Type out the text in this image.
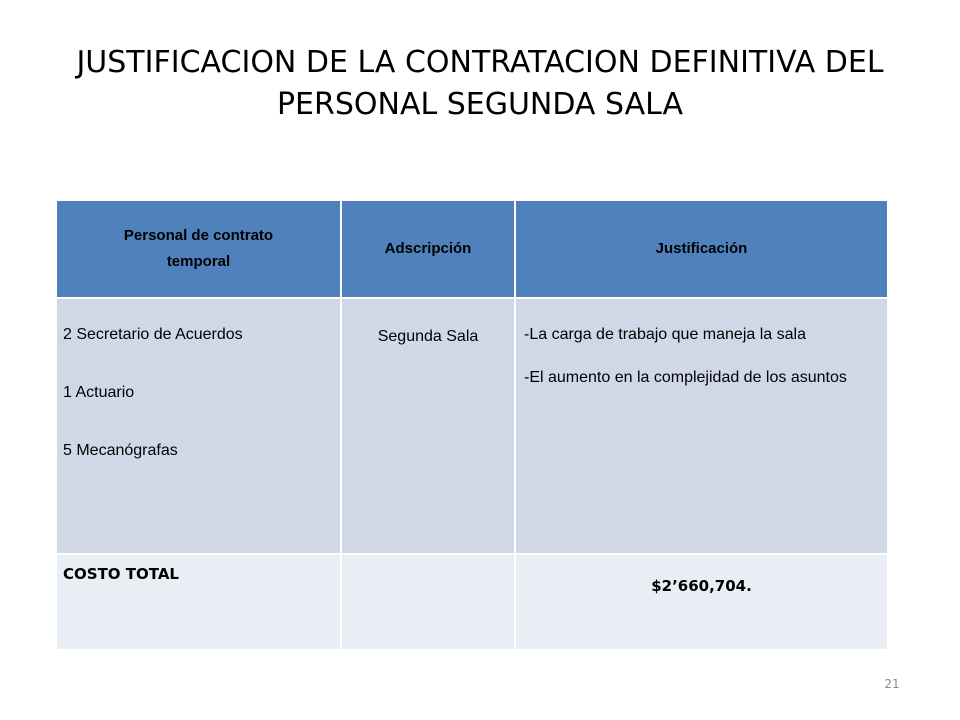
JUSTIFICACION DE LA CONTRATACION DEFINITIVA DEL
PERSONAL SEGUNDA SALA
Personal de contrato temporal	Adscripción	Justificación

2 Secretario de Acuerdos
1 Actuario
5 Mecanógrafas	Segunda Sala	-La carga de trabajo que maneja la sala
-El aumento en la complejidad de los asuntos

COSTO TOTAL		$2’660,704.
21
